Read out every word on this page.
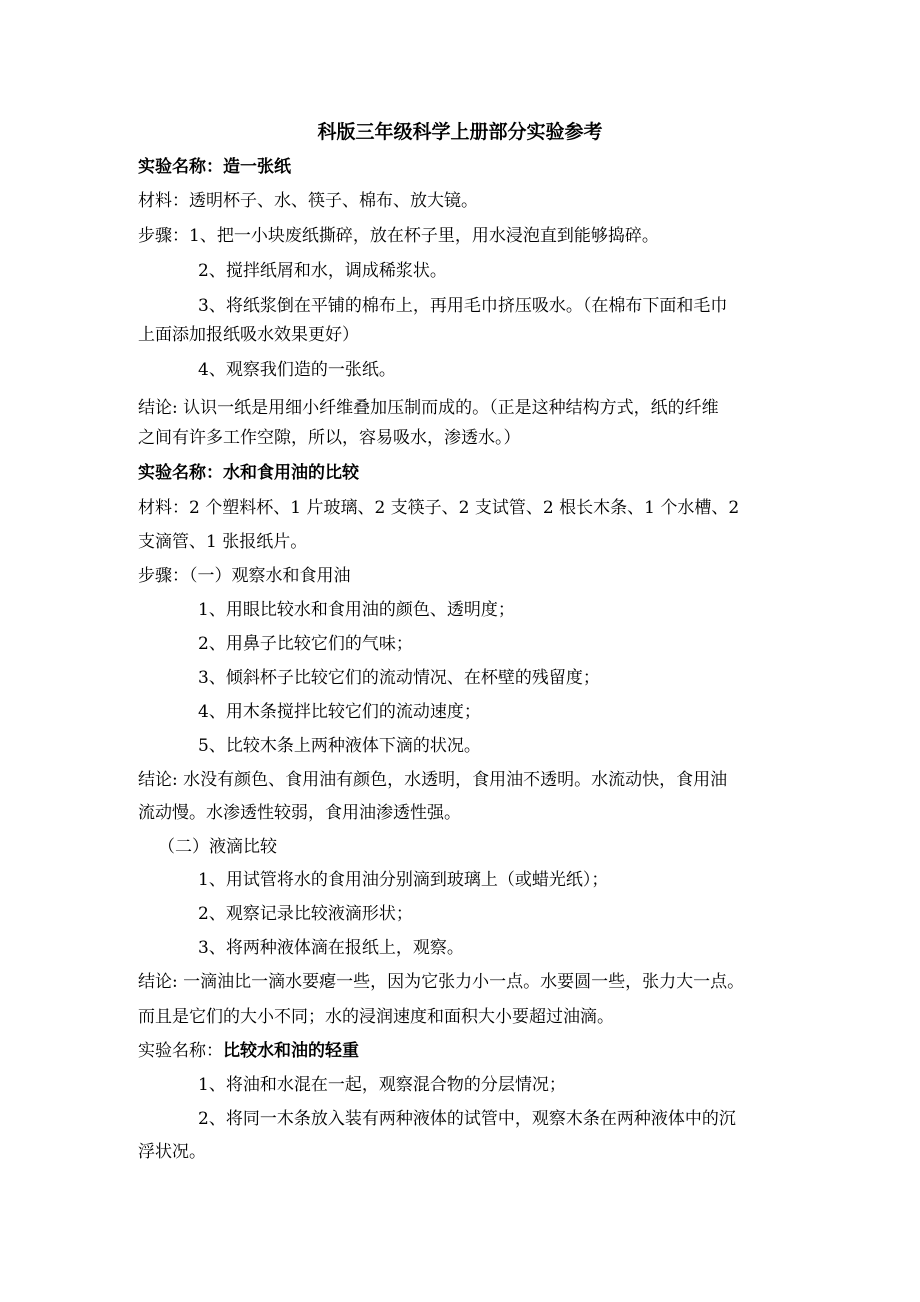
科版三年级科学上册部分实验参考
实验名称：造一张纸
材料：透明杯子、水、筷子、棉布、放大镜。
步骤：1、把一小块废纸撕碎，放在杯子里，用水浸泡直到能够捣碎。
2、搅拌纸屑和水，调成稀浆状。
3、将纸浆倒在平铺的棉布上，再用毛巾挤压吸水。（在棉布下面和毛巾
上面添加报纸吸水效果更好）
4、观察我们造的一张纸。
结论: 认识一纸是用细小纤维叠加压制而成的。（正是这种结构方式，纸的纤维
之间有许多工作空隙，所以，容易吸水，渗透水。）
实验名称：水和食用油的比较
材料：2 个塑料杯、1 片玻璃、2 支筷子、2 支试管、2 根长木条、1 个水槽、2
支滴管、1 张报纸片。
步骤：（一）观察水和食用油
1、用眼比较水和食用油的颜色、透明度；
2、用鼻子比较它们的气味；
3、倾斜杯子比较它们的流动情况、在杯壁的残留度；
4、用木条搅拌比较它们的流动速度；
5、比较木条上两种液体下滴的状况。
结论: 水没有颜色、食用油有颜色，水透明，食用油不透明。水流动快，食用油
流动慢。水渗透性较弱，食用油渗透性强。
（二）液滴比较
1、用试管将水的食用油分别滴到玻璃上（或蜡光纸）；
2、观察记录比较液滴形状；
3、将两种液体滴在报纸上，观察。
结论: 一滴油比一滴水要瘪一些，因为它张力小一点。水要圆一些，张力大一点。
而且是它们的大小不同；水的浸润速度和面积大小要超过油滴。
实验名称：比较水和油的轻重
1、将油和水混在一起，观察混合物的分层情况；
2、将同一木条放入装有两种液体的试管中，观察木条在两种液体中的沉
浮状况。
